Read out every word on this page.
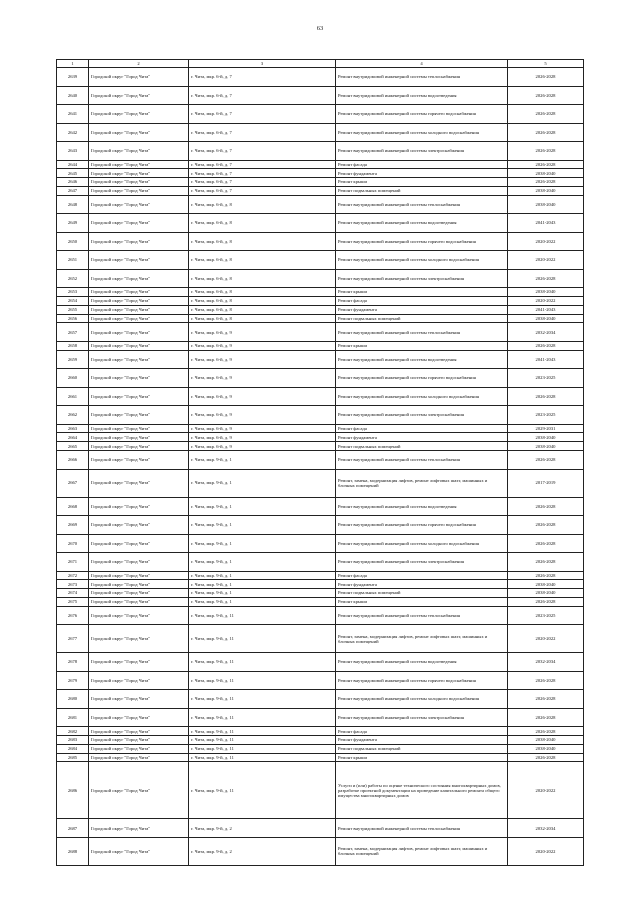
63
1	2	3	4	5
2639	Городской округ "Город Чита"	г. Чита, мкр. 6-й, д. 7	Ремонт внутридомовой инженерной системы теплоснабжения	2026-2028
2640	Городской округ "Город Чита"	г. Чита, мкр. 6-й, д. 7	Ремонт внутридомовой инженерной системы водоотведения	2026-2028
2641	Городской округ "Город Чита"	г. Чита, мкр. 6-й, д. 7	Ремонт внутридомовой инженерной системы горячего водоснабжения	2026-2028
2642	Городской округ "Город Чита"	г. Чита, мкр. 6-й, д. 7	Ремонт внутридомовой инженерной системы холодного водоснабжения	2026-2028
2643	Городской округ "Город Чита"	г. Чита, мкр. 6-й, д. 7	Ремонт внутридомовой инженерной системы электроснабжения	2026-2028
2644	Городской округ "Город Чита"	г. Чита, мкр. 6-й, д. 7	Ремонт фасада	2026-2028
2645	Городской округ "Город Чита"	г. Чита, мкр. 6-й, д. 7	Ремонт фундамента	2038-2040
2646	Городской округ "Город Чита"	г. Чита, мкр. 6-й, д. 7	Ремонт крыши	2026-2028
2647	Городской округ "Город Чита"	г. Чита, мкр. 6-й, д. 7	Ремонт подвальных помещений	2038-2040
2648	Городской округ "Город Чита"	г. Чита, мкр. 6-й, д. 8	Ремонт внутридомовой инженерной системы теплоснабжения	2038-2040
2649	Городской округ "Город Чита"	г. Чита, мкр. 6-й, д. 8	Ремонт внутридомовой инженерной системы водоотведения	2041-2043
2650	Городской округ "Город Чита"	г. Чита, мкр. 6-й, д. 8	Ремонт внутридомовой инженерной системы горячего водоснабжения	2020-2022
2651	Городской округ "Город Чита"	г. Чита, мкр. 6-й, д. 8	Ремонт внутридомовой инженерной системы холодного водоснабжения	2020-2022
2652	Городской округ "Город Чита"	г. Чита, мкр. 6-й, д. 8	Ремонт внутридомовой инженерной системы электроснабжения	2026-2028
2653	Городской округ "Город Чита"	г. Чита, мкр. 6-й, д. 8	Ремонт крыши	2038-2040
2654	Городской округ "Город Чита"	г. Чита, мкр. 6-й, д. 8	Ремонт фасада	2020-2022
2655	Городской округ "Город Чита"	г. Чита, мкр. 6-й, д. 8	Ремонт фундамента	2041-2043
2656	Городской округ "Город Чита"	г. Чита, мкр. 6-й, д. 8	Ремонт подвальных помещений	2038-2040
2657	Городской округ "Город Чита"	г. Чита, мкр. 6-й, д. 9	Ремонт внутридомовой инженерной системы теплоснабжения	2032-2034
2658	Городской округ "Город Чита"	г. Чита, мкр. 6-й, д. 9	Ремонт крыши	2026-2028
2659	Городской округ "Город Чита"	г. Чита, мкр. 6-й, д. 9	Ремонт внутридомовой инженерной системы водоотведения	2041-2043
2660	Городской округ "Город Чита"	г. Чита, мкр. 6-й, д. 9	Ремонт внутридомовой инженерной системы горячего водоснабжения	2023-2025
2661	Городской округ "Город Чита"	г. Чита, мкр. 6-й, д. 9	Ремонт внутридомовой инженерной системы холодного водоснабжения	2026-2028
2662	Городской округ "Город Чита"	г. Чита, мкр. 6-й, д. 9	Ремонт внутридомовой инженерной системы электроснабжения	2023-2025
2663	Городской округ "Город Чита"	г. Чита, мкр. 6-й, д. 9	Ремонт фасада	2029-2031
2664	Городской округ "Город Чита"	г. Чита, мкр. 6-й, д. 9	Ремонт фундамента	2038-2040
2665	Городской округ "Город Чита"	г. Чита, мкр. 6-й, д. 9	Ремонт подвальных помещений	2038-2040
2666	Городской округ "Город Чита"	г. Чита, мкр. 9-й, д. 1	Ремонт внутридомовой инженерной системы теплоснабжения	2026-2028
2667	Городской округ "Город Чита"	г. Чита, мкр. 9-й, д. 1	Ремонт, замена, модернизация лифтов, ремонт лифтовых шахт, машинных и блочных помещений	2017-2019
2668	Городской округ "Город Чита"	г. Чита, мкр. 9-й, д. 1	Ремонт внутридомовой инженерной системы водоотведения	2026-2028
2669	Городской округ "Город Чита"	г. Чита, мкр. 9-й, д. 1	Ремонт внутридомовой инженерной системы горячего водоснабжения	2026-2028
2670	Городской округ "Город Чита"	г. Чита, мкр. 9-й, д. 1	Ремонт внутридомовой инженерной системы холодного водоснабжения	2026-2028
2671	Городской округ "Город Чита"	г. Чита, мкр. 9-й, д. 1	Ремонт внутридомовой инженерной системы электроснабжения	2026-2028
2672	Городской округ "Город Чита"	г. Чита, мкр. 9-й, д. 1	Ремонт фасада	2026-2028
2673	Городской округ "Город Чита"	г. Чита, мкр. 9-й, д. 1	Ремонт фундамента	2038-2040
2674	Городской округ "Город Чита"	г. Чита, мкр. 9-й, д. 1	Ремонт подвальных помещений	2038-2040
2675	Городской округ "Город Чита"	г. Чита, мкр. 9-й, д. 1	Ремонт крыши	2026-2028
2676	Городской округ "Город Чита"	г. Чита, мкр. 9-й, д. 11	Ремонт внутридомовой инженерной системы теплоснабжения	2023-2025
2677	Городской округ "Город Чита"	г. Чита, мкр. 9-й, д. 11	Ремонт, замена, модернизация лифтов, ремонт лифтовых шахт, машинных и блочных помещений	2020-2022
2678	Городской округ "Город Чита"	г. Чита, мкр. 9-й, д. 11	Ремонт внутридомовой инженерной системы водоотведения	2032-2034
2679	Городской округ "Город Чита"	г. Чита, мкр. 9-й, д. 11	Ремонт внутридомовой инженерной системы горячего водоснабжения	2026-2028
2680	Городской округ "Город Чита"	г. Чита, мкр. 9-й, д. 11	Ремонт внутридомовой инженерной системы холодного водоснабжения	2026-2028
2681	Городской округ "Город Чита"	г. Чита, мкр. 9-й, д. 11	Ремонт внутридомовой инженерной системы электроснабжения	2026-2028
2682	Городской округ "Город Чита"	г. Чита, мкр. 9-й, д. 11	Ремонт фасада	2026-2028
2683	Городской округ "Город Чита"	г. Чита, мкр. 9-й, д. 11	Ремонт фундамента	2038-2040
2684	Городской округ "Город Чита"	г. Чита, мкр. 9-й, д. 11	Ремонт подвальных помещений	2038-2040
2685	Городской округ "Город Чита"	г. Чита, мкр. 9-й, д. 11	Ремонт крыши	2026-2028
2686	Городской округ "Город Чита"	г. Чита, мкр. 9-й, д. 11	Услуги и (или) работы по оценке технического состояния многоквартирных домов, разработке проектной документации на проведение капитального ремонта общего имущества многоквартирных домов	2020-2022
2687	Городской округ "Город Чита"	г. Чита, мкр. 9-й, д. 2	Ремонт внутридомовой инженерной системы теплоснабжения	2032-2034
2688	Городской округ "Город Чита"	г. Чита, мкр. 9-й, д. 2	Ремонт, замена, модернизация лифтов, ремонт лифтовых шахт, машинных и блочных помещений	2020-2022
